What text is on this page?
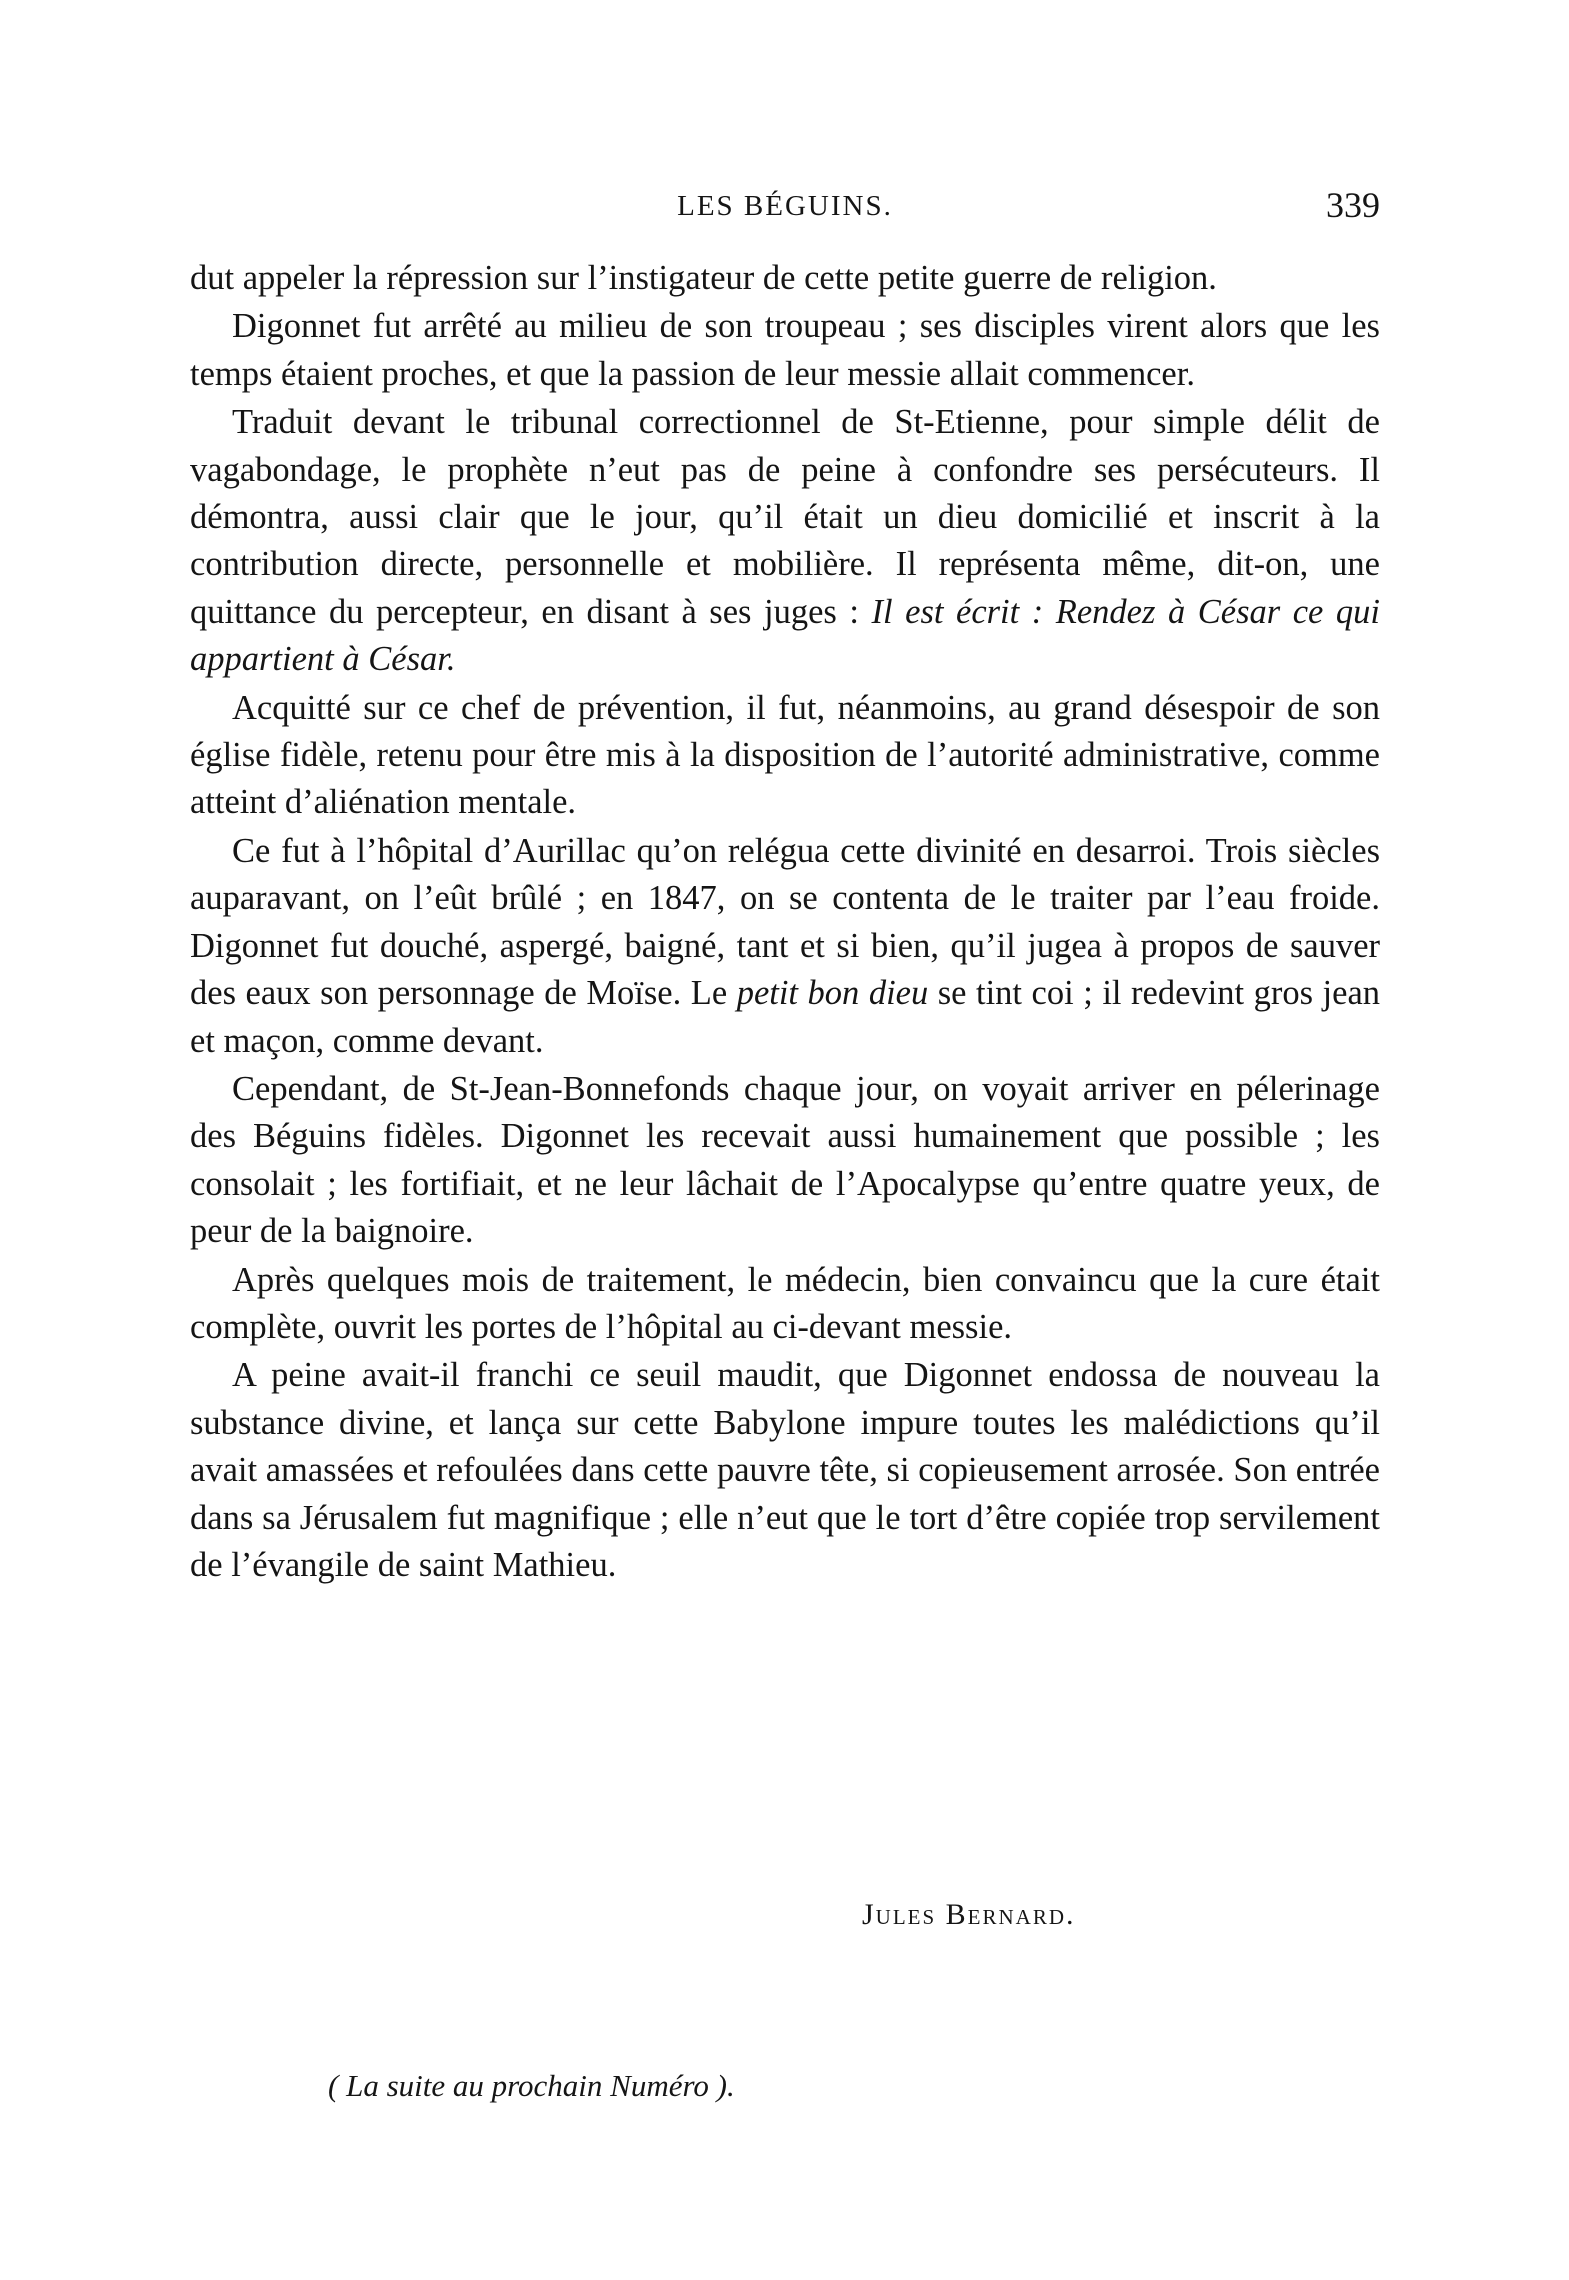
LES BÉGUINS.	339

dut appeler la répression sur l’instigateur de cette petite guerre de religion.

Digonnet fut arrêté au milieu de son troupeau ; ses disciples virent alors que les temps étaient proches, et que la passion de leur messie allait commencer.

Traduit devant le tribunal correctionnel de St-Etienne, pour simple délit de vagabondage, le prophète n’eut pas de peine à confondre ses persécuteurs. Il démontra, aussi clair que le jour, qu’il était un dieu domicilié et inscrit à la contribution directe, personnelle et mobilière. Il représenta même, dit-on, une quittance du percepteur, en disant à ses juges : Il est écrit : Rendez à César ce qui appartient à César.

Acquitté sur ce chef de prévention, il fut, néanmoins, au grand désespoir de son église fidèle, retenu pour être mis à la disposition de l’autorité administrative, comme atteint d’aliénation mentale.

Ce fut à l’hôpital d’Aurillac qu’on reléguа cette divinité en desarroi. Trois siècles auparavant, on l’eût brûlé ; en 1847, on se contenta de le traiter par l’eau froide. Digonnet fut douché, aspergé, baigné, tant et si bien, qu’il jugea à propos de sauver des eaux son personnage de Moïse. Le petit bon dieu se tint coi ; il redevint gros jean et maçon, comme devant.

Cependant, de St-Jean-Bonnefonds chaque jour, on voyait arriver en pélerinage des Béguins fidèles. Digonnet les recevait aussi humainement que possible ; les consolait ; les fortifiait, et ne leur lâchait de l’Apocalypse qu’entre quatre yeux, de peur de la baignoire.

Après quelques mois de traitement, le médecin, bien convaincu que la cure était complète, ouvrit les portes de l’hôpital au ci-devant messie.

A peine avait-il franchi ce seuil maudit, que Digonnet endossa de nouveau la substance divine, et lança sur cette Babylone impure toutes les malédictions qu’il avait amassées et refoulées dans cette pauvre tête, si copieusement arrosée. Son entrée dans sa Jérusalem fut magnifique ; elle n’eut que le tort d’être copiée trop servilement de l’évangile de saint Mathieu.

Jules Bernard.
( La suite au prochain Numéro ).
